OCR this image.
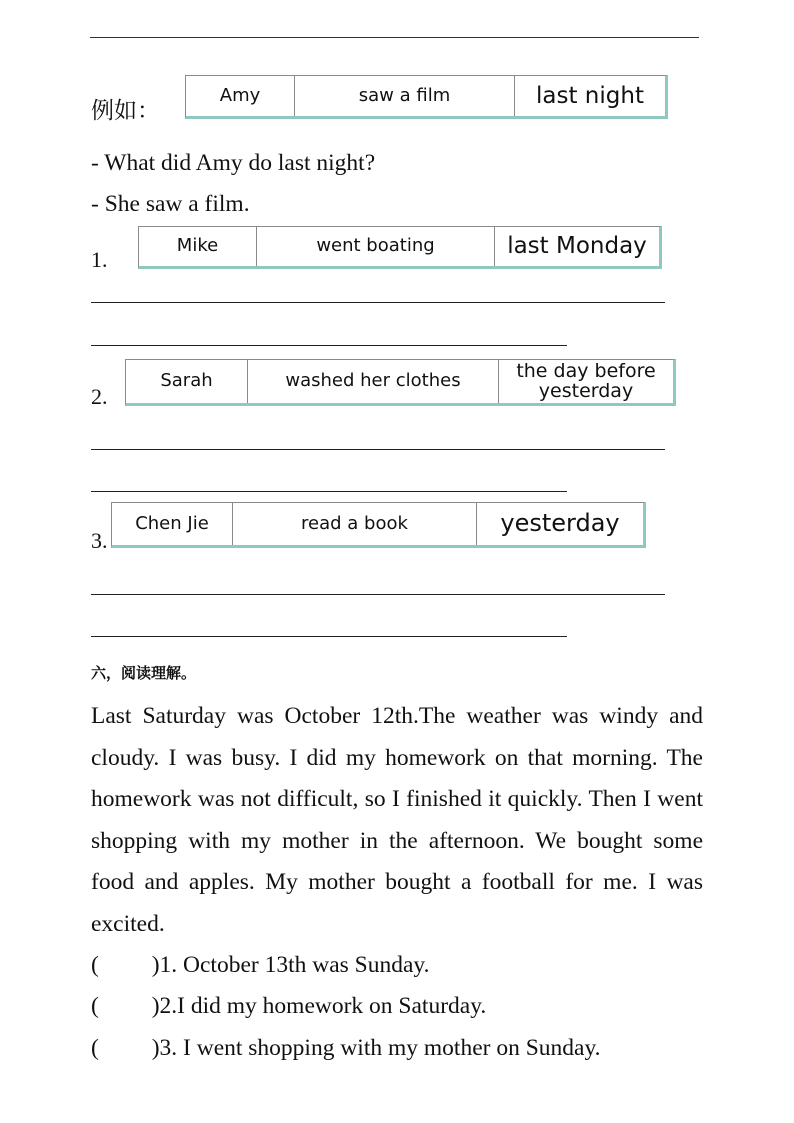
例如：
Amy	saw a film	last night
- What did Amy do last night?
- She saw a film.
1.
Mike	went boating	last Monday
2.
Sarah	washed her clothes	the day before yesterday
3.
Chen Jie	read a book	yesterday
六，阅读理解。

Last Saturday was October 12th.The weather was windy and cloudy. I was busy. I did my homework on that morning. The homework was not difficult, so I finished it quickly. Then I went shopping with my mother in the afternoon. We bought some food and apples. My mother bought a football for me. I was excited.

(         )1. October 13th was Sunday.
(         )2.I did my homework on Saturday.
(         )3. I went shopping with my mother on Sunday.
